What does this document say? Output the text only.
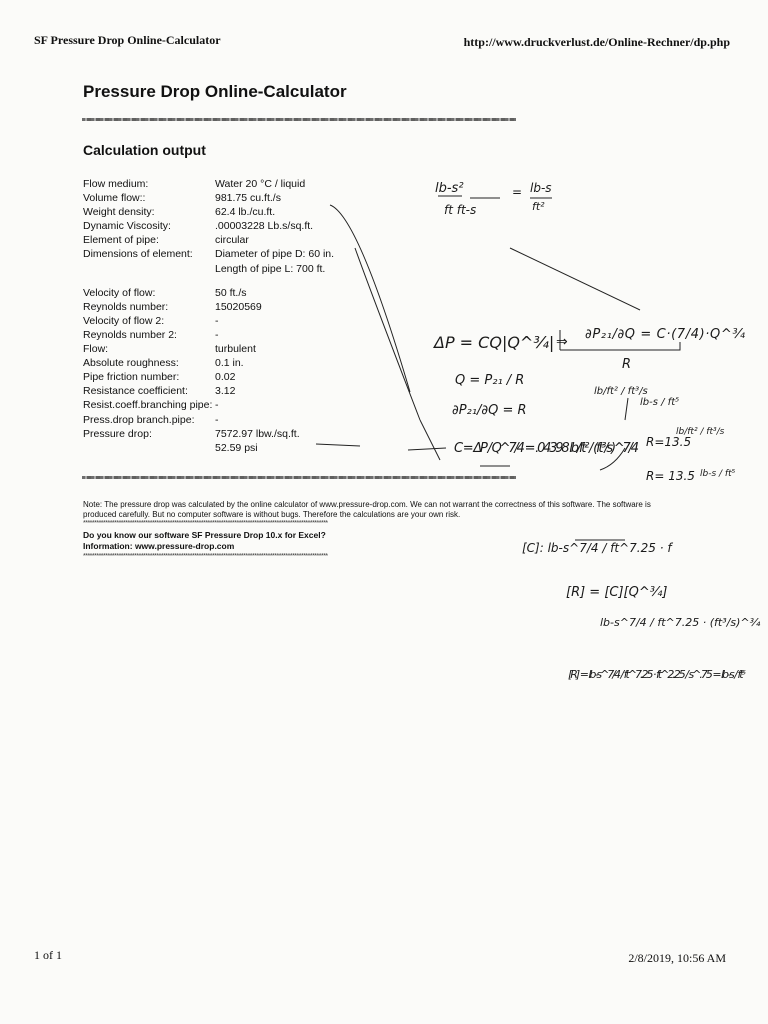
SF Pressure Drop Online-Calculator	http://www.druckverlust.de/Online-Rechner/dp.php
Pressure Drop Online-Calculator
Calculation output
Flow medium:	Water 20 °C / liquid
Volume flow::	981.75 cu.ft./s
Weight density:	62.4 lb./cu.ft.
Dynamic Viscosity:	.00003228 Lb.s/sq.ft.
Element of pipe:	circular
Dimensions of element:	Diameter of pipe D: 60 in.
	Length of pipe L: 700 ft.

Velocity of flow:	50 ft./s
Reynolds number:	15020569
Velocity of flow 2:	-
Reynolds number 2:	-
Flow:	turbulent
Absolute roughness:	0.1 in.
Pipe friction number:	0.02
Resistance coefficient:	3.12
Resist.coeff.branching pipe:	-
Press.drop branch.pipe:	-
Pressure drop:	7572.97 lbw./sq.ft.
	52.59 psi
Note: The pressure drop was calculated by the online calculator of www.pressure-drop.com. We can not warrant the correctness of this software. The software is produced carefully. But no computer software is without bugs. Therefore the calculations are your own risk.
**************************************************************************************************************
Do you know our software SF Pressure Drop 10.x for Excel?
Information: www.pressure-drop.com
**************************************************************************************************************
lb-s²
ft ft-s
= lb-s
ft²
ΔP = CQ|Q^¾| ⇒ ∂P₂₁/∂Q = C·(7/4)·Q^¾
R
Q = P₂₁ / R
∂P₂₁/∂Q = R
lb/ft² / ft³/s
lb-s / ft⁵
C = ΔP / Q^7/4 = .04398 lb/ft² / (ft³/s)^7/4 R=13.5
lb/ft² / ft³/s
R= 13.5 lb-s / ft⁵
[C]: lb-s^7/4 / ft^7.25 · f
[R] = [C][Q^¾]
lb-s^7/4 / ft^7.25 · (ft³/s)^¾
[R] = lb-s^7/4 / ft^7.25 · ft^2.25 / s^.75 = lb-s / ft⁵
1 of 1	2/8/2019, 10:56 AM
